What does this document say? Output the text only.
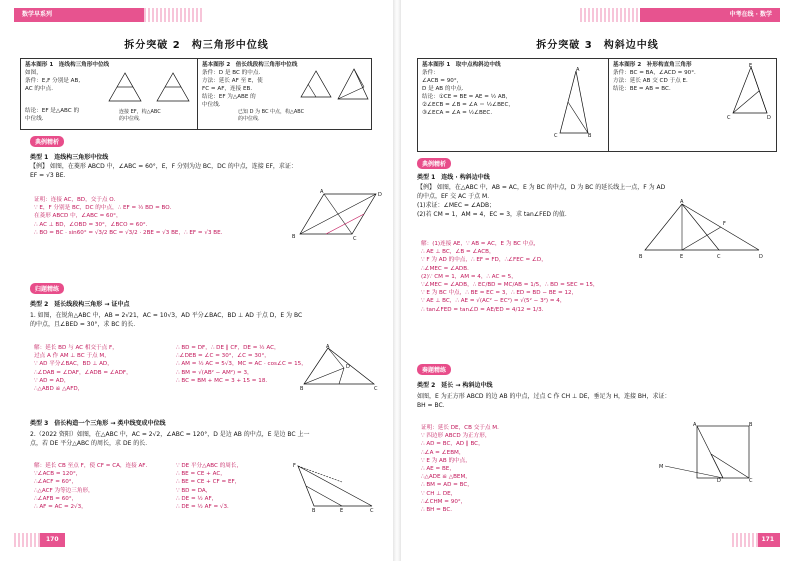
数学早系列
拆分突破 2　构三角形中位线
基本图形 1　连线构三角形中位线
如图，
条件：E,F 分别是 AB,
AC 的中点．
结论：EF 是△ABC 的
中位线．
连接 EF，构△ABC
的中位线．
基本图形 2　倍长线段构三角形中位线
条件：D 是 BC 的中点．
方法：延长 AF 至 E，使
FC = AF，连接 EB．
结论：EF 为△ABE 的
中位线．
已知 D 为 BC 中点，构△ABC
的中位线．
典例精析
类型 1　连线构三角形中位线
【例】 如图，在菱形 ABCD 中，∠ABC = 60°，E，F 分别为边 BC，DC 的中点，连接 EF，求证：
EF = √3 BE．
证明：连接 AC，BD，交于点 O．
∵ E，F 分别是 BC，DC 的中点，∴ EF = ½ BD = BO．
在菱形 ABCD 中，∠ABC = 60°，
∴ AC ⊥ BD，∠OBD = 30°，∠BCO = 60°．
∴ BO = BC · sin60° = √3/2 BC = √3/2 · 2BE = √3 BE，∴ EF = √3 BE．
B	C
D
A
归题精练
类型 2　延长线段构三角形 → 证中点
1. 如图，在锐角△ABC 中，AB = 2√21，AC = 10√3，AD 平分∠BAC，BD ⊥ AD 于点 D，E 为 BC
的中点，且∠BED = 30°，求 BC 的长．
解：延长 BD 与 AC 相交于点 F，
过点 A 作 AM ⊥ BC 于点 M，
∵ AD 平分∠BAC，BD ⊥ AD，
∴∠DAB = ∠DAF，∠ADB = ∠ADF，
∵ AD = AD，
∴△ABD ≌ △AFD，
∴ BD = DF，∴ DE ∥ CF，DE = ½ AC，
∴∠DEB = ∠C = 30°，∠C = 30°，
∴ AM = ½ AC = 5√3，MC = AC · cos∠C = 15，
∴ BM = √(AB² − AM²) = 3，
∴ BC = BM + MC = 3 + 15 = 18．
A
B	C
D
类型 3　倍长构造一个三角形 → 类中线变成中位线
2.（2022 资阳）如图，在△ABC 中，AC = 2√2，∠ABC = 120°，D 是边 AB 的中点，E 是边 BC 上一
点，若 DE 平分△ABC 的周长，求 DE 的长．
解：延长 CB 至点 F，使 CF = CA，连接 AF．
∵∠ACB = 120°，
∴∠ACF = 60°，
∴△ACF 为等边三角形，
∴∠AFB = 60°，
∴ AF = AC = 2√3，
∵ DE 平分△ABC 的周长，
∴ BE = CE + AC，
∴ BE = CE + CF = EF，
∵ BD = DA，
∴ DE = ½ AF，
∴ DE = ½ AF = √3．
F
B	C
E
170
中考在线 · 数学
拆分突破 3　构斜边中线
基本图形 1　取中点构斜边中线
条件：
∠ACB = 90°，
D 是 AB 的中点．
结论：①CE = BE = AE = ½ AB，
②∠ECB = ∠B = ∠A ＝ ½∠BEC，
③∠ECA = ∠A = ½∠BEC．
A
C	B
基本图形 2　补形构直角三角形
条件：BC = BA，∠ACD = 90°．
方法：延长 AB 交 CD 于点 E．
结论：BE = AB = BC．
C	D
E
典例精析
类型 1　连线 · 构斜边中线
【例】 如图，在△ABC 中，AB = AC，E 为 BC 的中点，D 为 BC 的延长线上一点，F 为 AD
的中点，EF 交 AC 于点 M．
(1)求证：∠MEC = ∠ADB；
(2)若 CM = 1，AM = 4，EC = 3，求 tan∠FED 的值．
A
B	E	C	D
F
解：(1)连接 AE，∵ AB = AC，E 为 BC 中点，
∴ AE ⊥ BC，∠B = ∠ACB，
∵ F 为 AD 的中点，∴ EF = FD，∴∠FEC = ∠D，
∴∠MEC = ∠ADB．
(2)∵ CM = 1，AM = 4，∴ AC = 5，
∵∠MEC = ∠ADB，∴ EC/BD = MC/AB = 1/5，∴ BD = SEC = 15，
∵ E 为 BC 中点，∴ BE = EC = 3，∴ ED = BD − BE = 12，
∵ AE ⊥ BC，∴ AE = √(AC² − EC²) = √(5² − 3²) = 4，
∴ tan∠FED = tan∠D = AE/ED = 4/12 = 1/3．
奏题精练
类型 2　延长 → 构斜边中线
如图，E 为正方形 ABCD 的边 AB 的中点，过点 C 作 CH ⊥ DE，垂足为 H，连接 BH，求证：
BH = BC．
证明：延长 DE，CB 交于点 M．
∵ 四边形 ABCD 为正方形，
∴ AD = BC，AD ∥ BC，
∴∠A = ∠EBM，
∵ E 为 AB 的中点，
∴ AE = BE，
∴△ADE ≌ △BEM，
∴ BM = AD = BC，
∵ CH ⊥ DE，
∴∠CHM = 90°，
∴ BH = BC．
A	B
C
D
M
171
